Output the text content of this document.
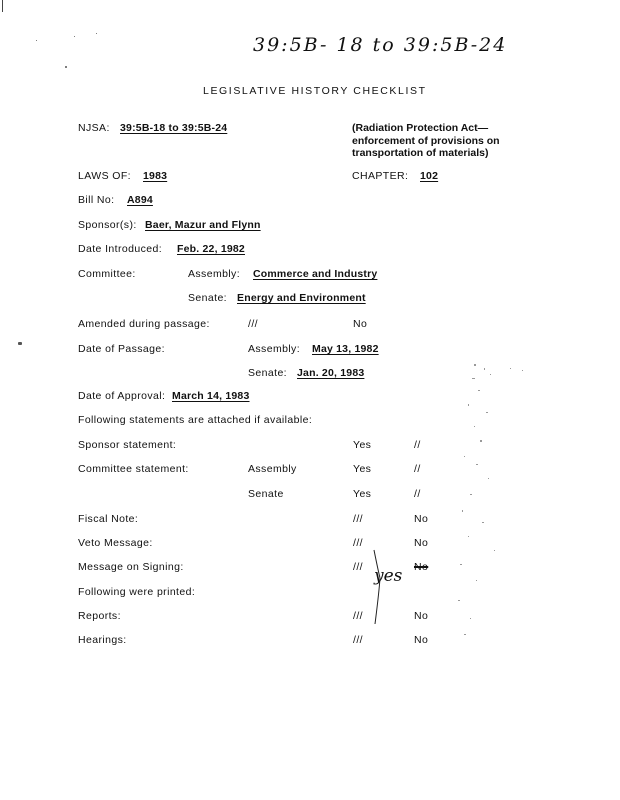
39:5B- 18 to 39:5B-24
LEGISLATIVE HISTORY CHECKLIST
NJSA: 39:5B-18 to 39:5B-24	(Radiation Protection Act—
enforcement of provisions on
transportation of materials)
LAWS OF: 1983	CHAPTER: 102
Bill No: A894
Sponsor(s): Baer, Mazur and Flynn
Date Introduced: Feb. 22, 1982
Committee:	Assembly: Commerce and Industry
Senate: Energy and Environment
Amended during passage:	///	No
Date of Passage:	Assembly: May 13, 1982
Senate: Jan. 20, 1983
Date of Approval: March 14, 1983
Following statements are attached if available:
Sponsor statement:	Yes	//
Committee statement:	Assembly	Yes	//
Senate	Yes	//
Fiscal Note:	///	No
Veto Message:	///	No
Message on Signing:	///	No
yes
Following were printed:
Reports:	///	No
Hearings:	///	No
